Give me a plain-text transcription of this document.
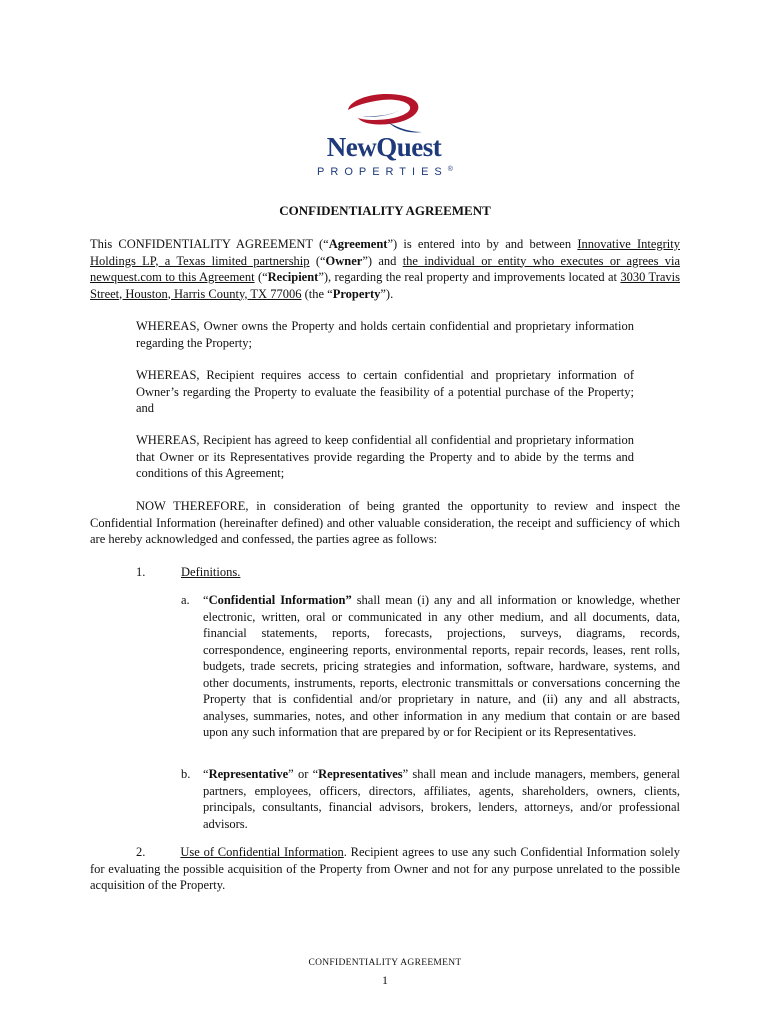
NewQuest
PROPERTIES®
CONFIDENTIALITY AGREEMENT
This CONFIDENTIALITY AGREEMENT (“Agreement”) is entered into by and between Innovative Integrity Holdings LP, a Texas limited partnership (“Owner”) and the individual or entity who executes or agrees via newquest.com to this Agreement (“Recipient”), regarding the real property and improvements located at 3030 Travis Street, Houston, Harris County, TX 77006 (the “Property”).
WHEREAS, Owner owns the Property and holds certain confidential and proprietary information regarding the Property;
WHEREAS, Recipient requires access to certain confidential and proprietary information of Owner’s regarding the Property to evaluate the feasibility of a potential purchase of the Property; and
WHEREAS, Recipient has agreed to keep confidential all confidential and proprietary information that Owner or its Representatives provide regarding the Property and to abide by the terms and conditions of this Agreement;
NOW THEREFORE, in consideration of being granted the opportunity to review and inspect the Confidential Information (hereinafter defined) and other valuable consideration, the receipt and sufficiency of which are hereby acknowledged and confessed, the parties agree as follows:
1.	Definitions.
a. “Confidential Information” shall mean (i) any and all information or knowledge, whether electronic, written, oral or communicated in any other medium, and all documents, data, financial statements, reports, forecasts, projections, surveys, diagrams, records, correspondence, engineering reports, environmental reports, repair records, leases, rent rolls, budgets, trade secrets, pricing strategies and information, software, hardware, systems, and other documents, instruments, reports, electronic transmittals or conversations concerning the Property that is confidential and/or proprietary in nature, and (ii) any and all abstracts, analyses, summaries, notes, and other information in any medium that contain or are based upon any such information that are prepared by or for Recipient or its Representatives.
b. “Representative” or “Representatives” shall mean and include managers, members, general partners, employees, officers, directors, affiliates, agents, shareholders, owners, clients, principals, consultants, financial advisors, brokers, lenders, attorneys, and/or professional advisors.
2.	Use of Confidential Information. Recipient agrees to use any such Confidential Information solely for evaluating the possible acquisition of the Property from Owner and not for any purpose unrelated to the possible acquisition of the Property.
CONFIDENTIALITY AGREEMENT
1
